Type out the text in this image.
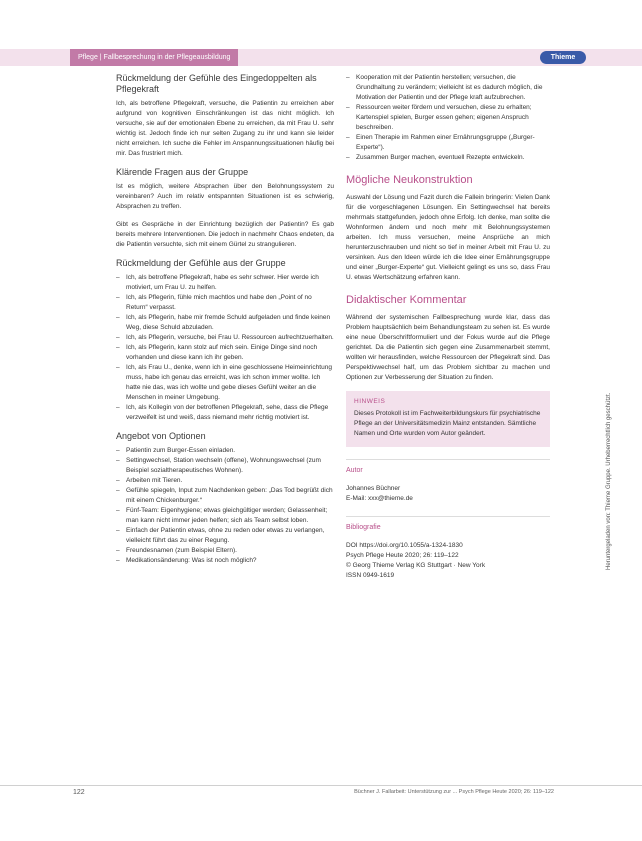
Pflege | Fallbesprechung in der Pflegeausbildung	Thieme
Rückmeldung der Gefühle des Eingedoppelten als Pflegekraft

Ich, als betroffene Pflegekraft, versuche, die Patientin zu erreichen aber aufgrund von kognitiven Einschränkungen ist das nicht möglich. Ich versuche, sie auf der emotionalen Ebene zu erreichen, da mit Frau U. sehr wichtig ist. Jedoch finde ich nur selten Zugang zu ihr und kann sie leider nicht erreichen. Ich suche die Fehler im Anspannungssituationen häufig bei mir. Das frustriert mich.

Klärende Fragen aus der Gruppe

Ist es möglich, weitere Absprachen über den Belohnungssystem zu vereinbaren? Auch im relativ entspannten Situationen ist es schwierig, Absprachen zu treffen.

Gibt es Gespräche in der Einrichtung bezüglich der Patientin? Es gab bereits mehrere Interventionen. Die jedoch in nachmehr Chaos endeten, da die Patientin versuchte, sich mit einem Gürtel zu strangulieren.

Rückmeldung der Gefühle aus der Gruppe
– Ich, als betroffene Pflegekraft, habe es sehr schwer. Hier werde ich motiviert, um Frau U. zu helfen.
– Ich, als Pflegerin, fühle mich machtlos und habe den „Point of no Return“ verpasst.
– Ich, als Pflegerin, habe mir fremde Schuld aufgeladen und finde keinen Weg, diese Schuld abzuladen.
– Ich, als Pflegerin, versuche, bei Frau U. Ressourcen aufrechtzuerhalten.
– Ich, als Pflegerin, kann stolz auf mich sein. Einige Dinge sind noch vorhanden und diese kann ich ihr geben.
– Ich, als Frau U., denke, wenn ich in eine geschlossene Heimeinrichtung muss, habe ich genau das erreicht, was ich schon immer wollte. Ich hatte nie das, was ich wollte und gebe dieses Gefühl weiter an die Menschen in meiner Umgebung.
– Ich, als Kollegin von der betroffenen Pflegekraft, sehe, dass die Pflege verzweifelt ist und weiß, dass niemand mehr richtig motiviert ist.
Angebot von Optionen
– Patientin zum Burger-Essen einladen.
– Settingwechsel, Station wechseln (offene), Wohnungswechsel (zum Beispiel sozialtherapeutisches Wohnen).
– Arbeiten mit Tieren.
– Gefühle spiegeln, Input zum Nachdenken geben: „Das Tod begrüßt dich mit einem Chickenburger.“
– Fünf-Team: Eigenhygiene; etwas gleichgültiger werden; Gelassenheit; man kann nicht immer jeden helfen; sich als Team selbst loben.
– Einfach der Patientin etwas, ohne zu reden oder etwas zu verlangen, vielleicht führt das zu einer Regung.
– Freundesnamen (zum Beispiel Eltern).
– Medikationsänderung: Was ist noch möglich?
– Kooperation mit der Patientin herstellen; versuchen, die Grundhaltung zu verändern; vielleicht ist es dadurch möglich, die Motivation der Patientin und der Pflege kraft aufzubrechen.
– Ressourcen weiter fördern und versuchen, diese zu erhalten; Kartenspiel spielen, Burger essen gehen; eigenen Anspruch beschreiben.
– Einen Therapie im Rahmen einer Ernährungsgruppe („Burger-Experte“).
– Zusammen Burger machen, eventuell Rezepte entwickeln.
Mögliche Neukonstruktion

Auswahl der Lösung und Fazit durch die Fallein bringerin: Vielen Dank für die vorgeschlagenen Lösungen. Ein Settingwechsel hat bereits mehrmals stattgefunden, jedoch ohne Erfolg. Ich denke, man sollte die Wohnformen ändern und noch mehr mit Belohnungssystemen arbeiten. Ich muss versuchen, meine Ansprüche an mich herunterzuschrauben und nicht so tief in meiner Arbeit mit Frau U. zu versinken. Aus den Ideen würde ich die Idee einer Ernährungsgruppe und einer „Burger-Experte“ gut. Vielleicht gelingt es uns so, dass Frau U. etwas Wertschätzung erfahren kann.

Didaktischer Kommentar

Während der systemischen Fallbesprechung wurde klar, dass das Problem hauptsächlich beim Behandlungsteam zu sehen ist. Es wurde eine neue Überschriftformuliert und der Fokus wurde auf die Pflege gerichtet. Da die Patientin sich gegen eine Zusammenarbeit stemmt, wollten wir herausfinden, welche Ressourcen der Pflegekraft sind. Das Perspektivwechsel half, um das Problem sichtbar zu machen und Optionen zur Verbesserung der Situation zu finden.

HINWEIS
Dieses Protokoll ist im Fachweiterbildungskurs für psychiatrische Pflege an der Universitätsmedizin Mainz entstanden. Sämtliche Namen und Orte wurden vom Autor geändert.
Autor
Johannes Büchner
E-Mail: xxx@thieme.de
Bibliografie
DOI https://doi.org/10.1055/a-1324-1830
Psych Pflege Heute 2020; 26: 119–122
© Georg Thieme Verlag KG Stuttgart · New York
ISSN 0949-1619
122	Büchner J. Fallarbeit: Unterstützung zur ... Psych Pflege Heute 2020; 26: 119–122
Heruntergeladen von: Thieme Gruppe. Urheberrechtlich geschützt.
